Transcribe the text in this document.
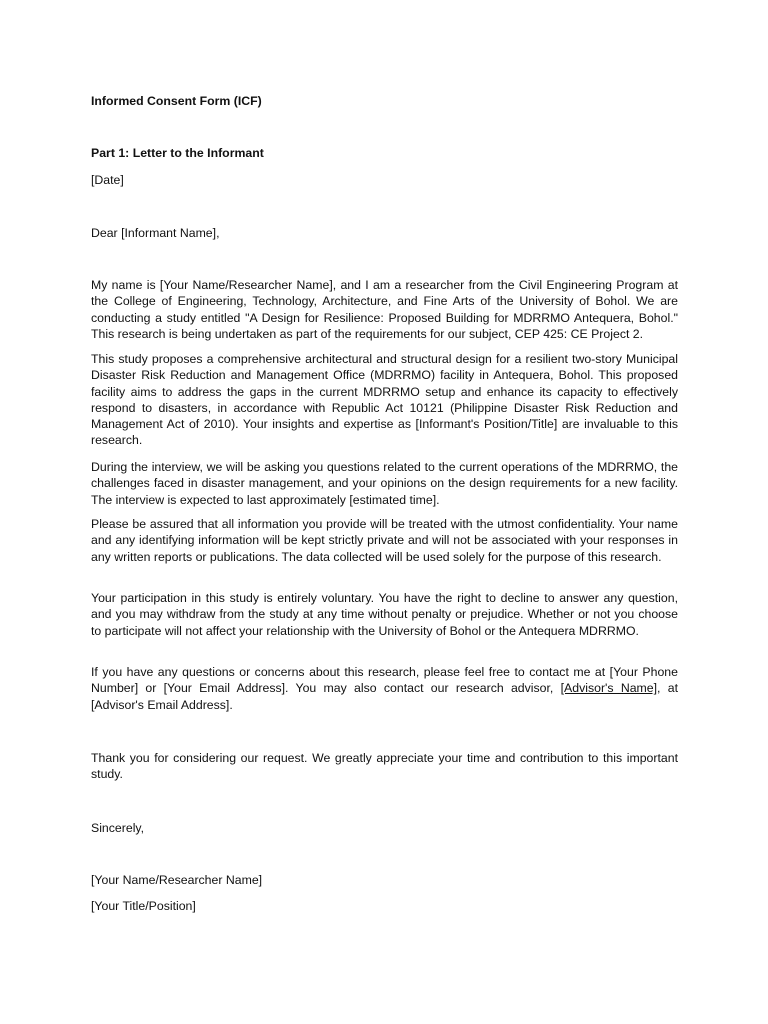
Informed Consent Form (ICF)
Part 1: Letter to the Informant
[Date]
Dear [Informant Name],
My name is [Your Name/Researcher Name], and I am a researcher from the Civil Engineering Program at the College of Engineering, Technology, Architecture, and Fine Arts of the University of Bohol. We are conducting a study entitled "A Design for Resilience: Proposed Building for MDRRMO Antequera, Bohol." This research is being undertaken as part of the requirements for our subject, CEP 425: CE Project 2.
This study proposes a comprehensive architectural and structural design for a resilient two-story Municipal Disaster Risk Reduction and Management Office (MDRRMO) facility in Antequera, Bohol. This proposed facility aims to address the gaps in the current MDRRMO setup and enhance its capacity to effectively respond to disasters, in accordance with Republic Act 10121 (Philippine Disaster Risk Reduction and Management Act of 2010). Your insights and expertise as [Informant's Position/Title] are invaluable to this research.
During the interview, we will be asking you questions related to the current operations of the MDRRMO, the challenges faced in disaster management, and your opinions on the design requirements for a new facility. The interview is expected to last approximately [estimated time].
Please be assured that all information you provide will be treated with the utmost confidentiality. Your name and any identifying information will be kept strictly private and will not be associated with your responses in any written reports or publications. The data collected will be used solely for the purpose of this research.
Your participation in this study is entirely voluntary. You have the right to decline to answer any question, and you may withdraw from the study at any time without penalty or prejudice. Whether or not you choose to participate will not affect your relationship with the University of Bohol or the Antequera MDRRMO.
If you have any questions or concerns about this research, please feel free to contact me at [Your Phone Number] or [Your Email Address]. You may also contact our research advisor, [Advisor's Name], at [Advisor's Email Address].
Thank you for considering our request. We greatly appreciate your time and contribution to this important study.
Sincerely,
[Your Name/Researcher Name]
[Your Title/Position]
